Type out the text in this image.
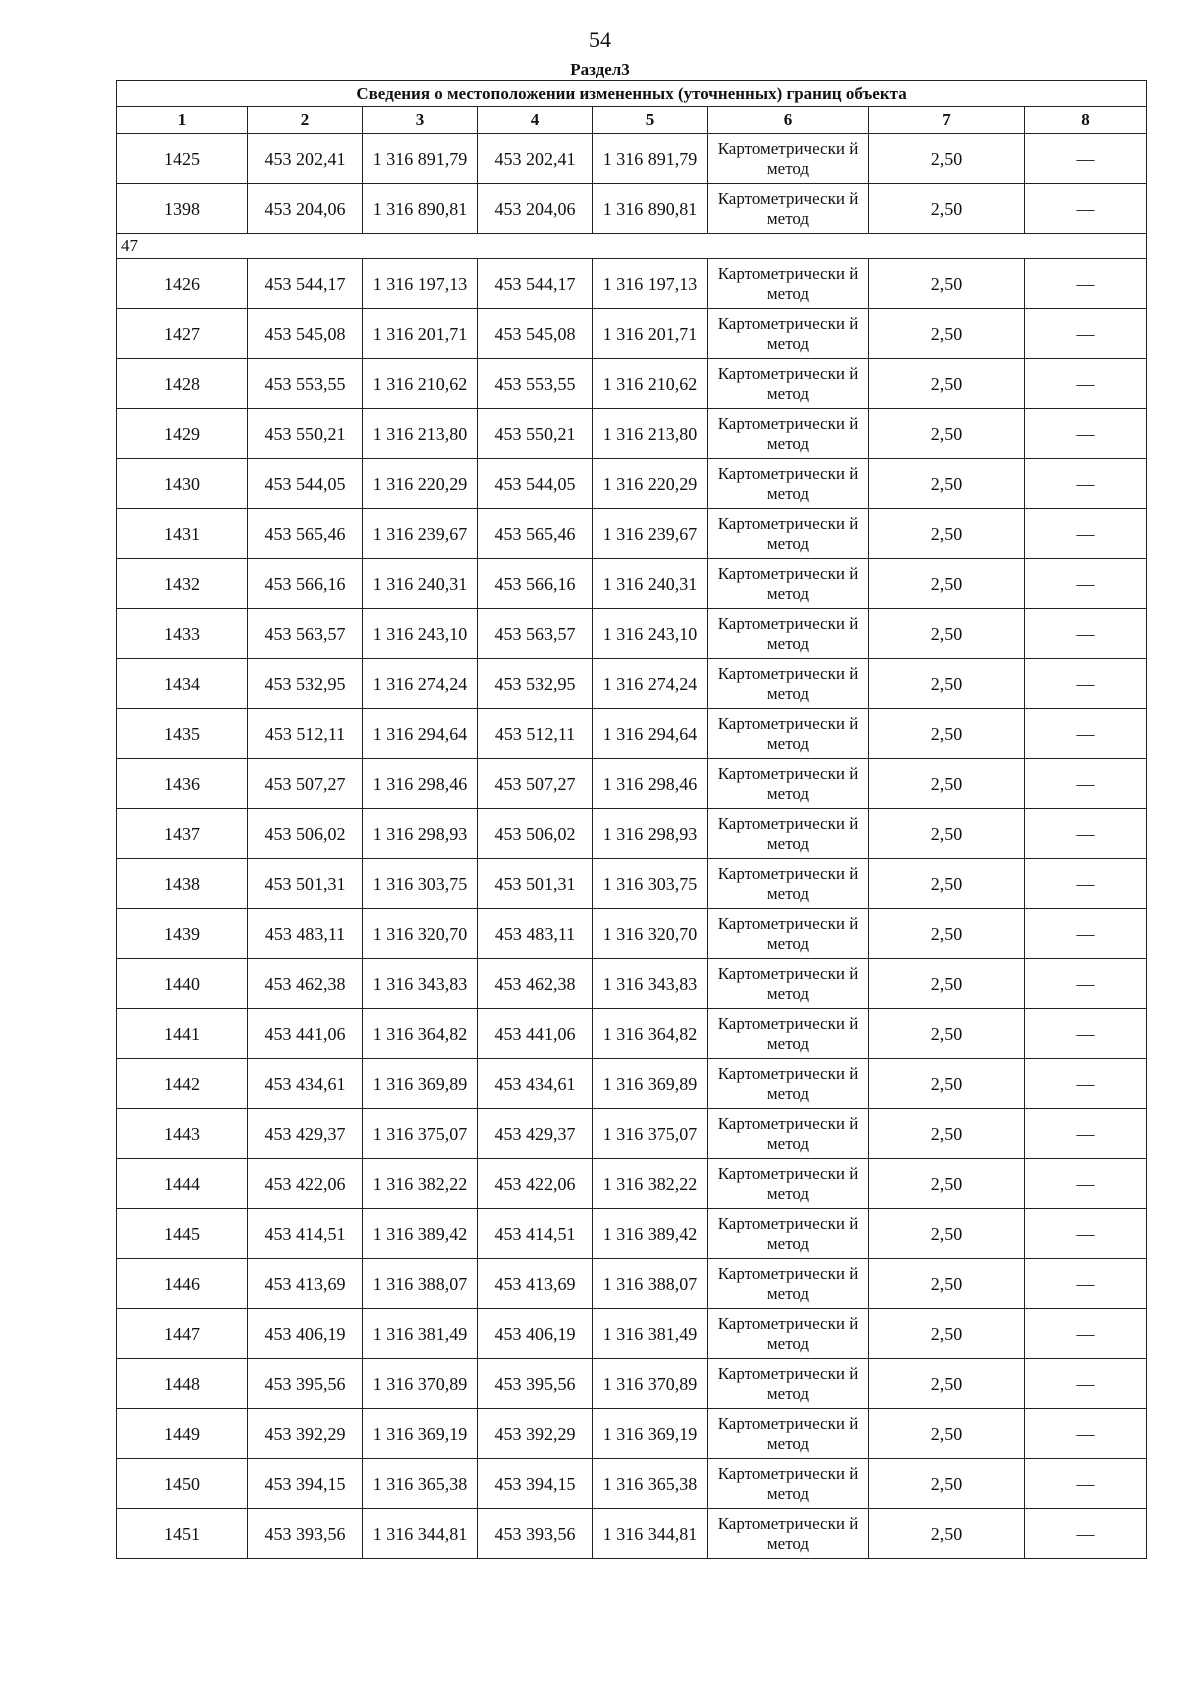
54
Раздел3
Сведения о местоположении измененных (уточненных) границ объекта							
1	2	3	4	5	6	7	8
1425	453 202,41	1 316 891,79	453 202,41	1 316 891,79	Картометрически й метод	2,50	—
1398	453 204,06	1 316 890,81	453 204,06	1 316 890,81	Картометрически й метод	2,50	—
47							
1426	453 544,17	1 316 197,13	453 544,17	1 316 197,13	Картометрически й метод	2,50	—
1427	453 545,08	1 316 201,71	453 545,08	1 316 201,71	Картометрически й метод	2,50	—
1428	453 553,55	1 316 210,62	453 553,55	1 316 210,62	Картометрически й метод	2,50	—
1429	453 550,21	1 316 213,80	453 550,21	1 316 213,80	Картометрически й метод	2,50	—
1430	453 544,05	1 316 220,29	453 544,05	1 316 220,29	Картометрически й метод	2,50	—
1431	453 565,46	1 316 239,67	453 565,46	1 316 239,67	Картометрически й метод	2,50	—
1432	453 566,16	1 316 240,31	453 566,16	1 316 240,31	Картометрически й метод	2,50	—
1433	453 563,57	1 316 243,10	453 563,57	1 316 243,10	Картометрически й метод	2,50	—
1434	453 532,95	1 316 274,24	453 532,95	1 316 274,24	Картометрически й метод	2,50	—
1435	453 512,11	1 316 294,64	453 512,11	1 316 294,64	Картометрически й метод	2,50	—
1436	453 507,27	1 316 298,46	453 507,27	1 316 298,46	Картометрически й метод	2,50	—
1437	453 506,02	1 316 298,93	453 506,02	1 316 298,93	Картометрически й метод	2,50	—
1438	453 501,31	1 316 303,75	453 501,31	1 316 303,75	Картометрически й метод	2,50	—
1439	453 483,11	1 316 320,70	453 483,11	1 316 320,70	Картометрически й метод	2,50	—
1440	453 462,38	1 316 343,83	453 462,38	1 316 343,83	Картометрически й метод	2,50	—
1441	453 441,06	1 316 364,82	453 441,06	1 316 364,82	Картометрически й метод	2,50	—
1442	453 434,61	1 316 369,89	453 434,61	1 316 369,89	Картометрически й метод	2,50	—
1443	453 429,37	1 316 375,07	453 429,37	1 316 375,07	Картометрически й метод	2,50	—
1444	453 422,06	1 316 382,22	453 422,06	1 316 382,22	Картометрически й метод	2,50	—
1445	453 414,51	1 316 389,42	453 414,51	1 316 389,42	Картометрически й метод	2,50	—
1446	453 413,69	1 316 388,07	453 413,69	1 316 388,07	Картометрически й метод	2,50	—
1447	453 406,19	1 316 381,49	453 406,19	1 316 381,49	Картометрически й метод	2,50	—
1448	453 395,56	1 316 370,89	453 395,56	1 316 370,89	Картометрически й метод	2,50	—
1449	453 392,29	1 316 369,19	453 392,29	1 316 369,19	Картометрически й метод	2,50	—
1450	453 394,15	1 316 365,38	453 394,15	1 316 365,38	Картометрически й метод	2,50	—
1451	453 393,56	1 316 344,81	453 393,56	1 316 344,81	Картометрически й метод	2,50	—
